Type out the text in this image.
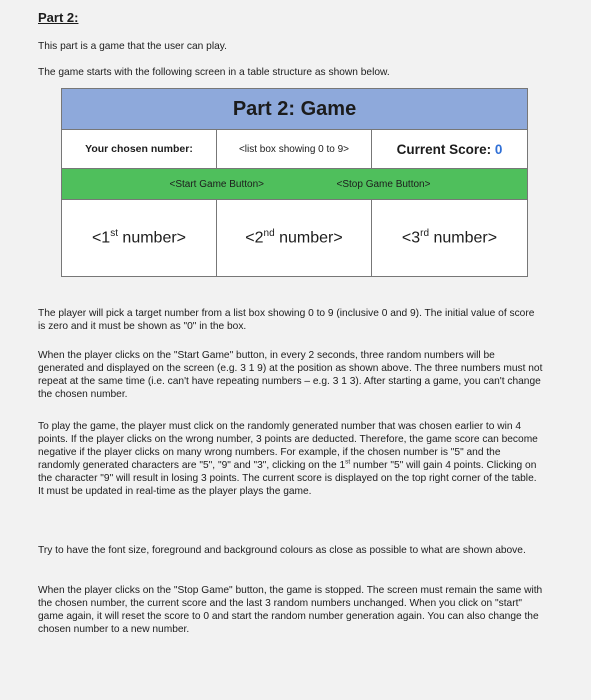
Part 2:
This part is a game that the user can play.
The game starts with the following screen in a table structure as shown below.
Part 2: Game		
Your chosen number:	<list box showing 0 to 9>	Current Score: 0
<Start Game Button>		<Stop Game Button>
<1st number>	<2nd number>	<3rd number>
The player will pick a target number from a list box showing 0 to 9 (inclusive 0 and 9). The initial value of score is zero and it must be shown as "0" in the box.
When the player clicks on the "Start Game" button, in every 2 seconds, three random numbers will be generated and displayed on the screen (e.g. 3 1 9) at the position as shown above. The three numbers must not repeat at the same time (i.e. can't have repeating numbers – e.g. 3 1 3). After starting a game, you can't change the chosen number.
To play the game, the player must click on the randomly generated number that was chosen earlier to win 4 points. If the player clicks on the wrong number, 3 points are deducted. Therefore, the game score can become negative if the player clicks on many wrong numbers. For example, if the chosen number is "5" and the randomly generated characters are "5", "9" and "3", clicking on the 1st number "5" will gain 4 points. Clicking on the character "9" will result in losing 3 points. The current score is displayed on the top right corner of the table. It must be updated in real-time as the player plays the game.
Try to have the font size, foreground and background colours as close as possible to what are shown above.
When the player clicks on the "Stop Game" button, the game is stopped. The screen must remain the same with the chosen number, the current score and the last 3 random numbers unchanged. When you click on "start" game again, it will reset the score to 0 and start the random number generation again. You can also change the chosen number to a new number.
